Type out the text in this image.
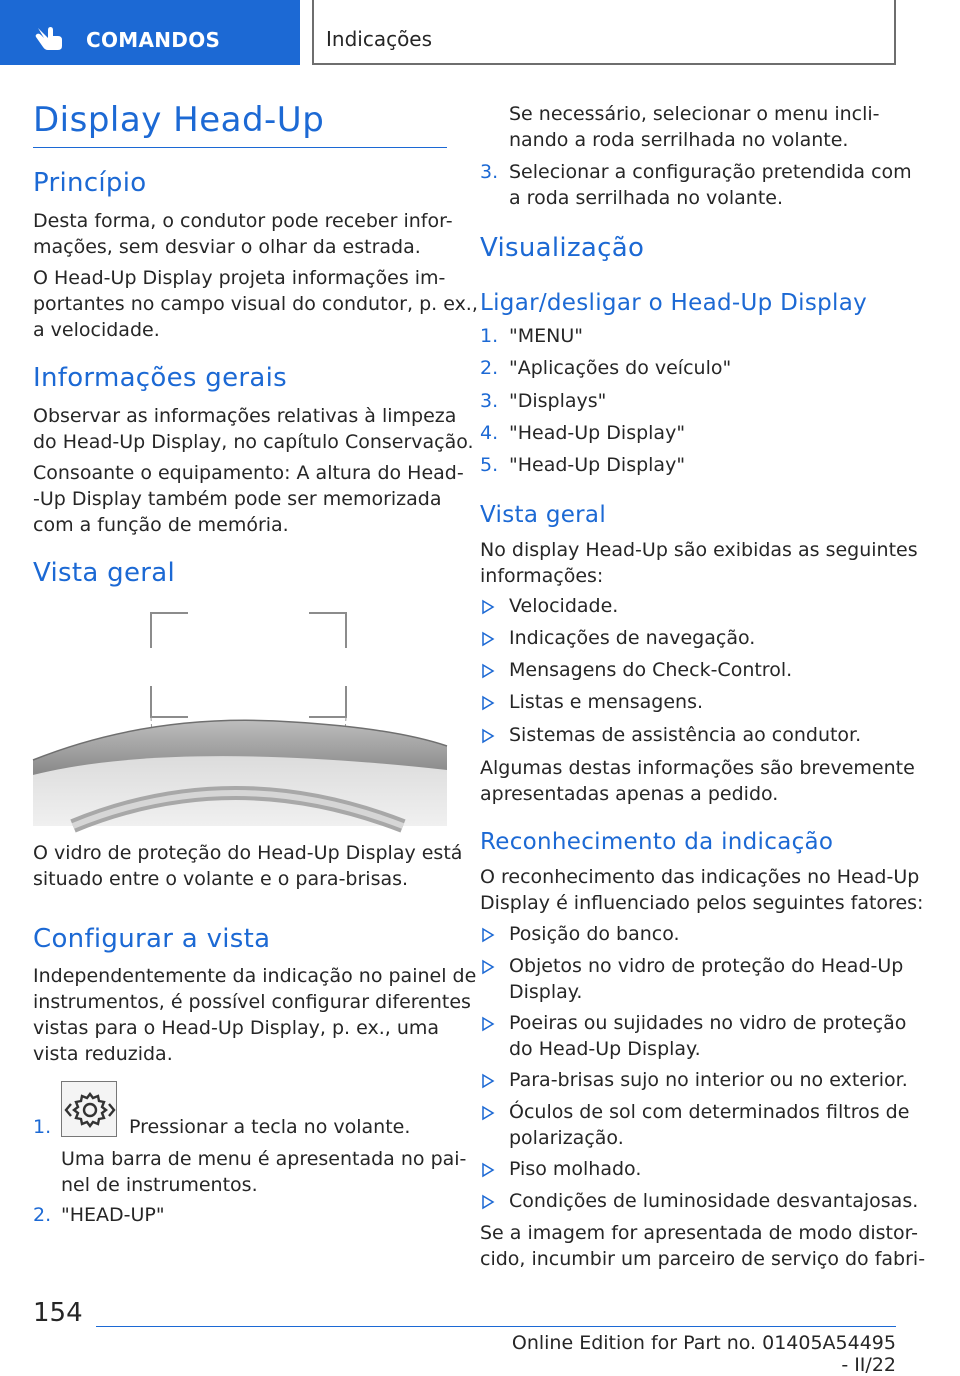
COMANDOS	Indicações
Display Head-Up
Princípio
Desta forma, o condutor pode receber infor-
mações, sem desviar o olhar da estrada.
O Head-Up Display projeta informações im-
portantes no campo visual do condutor, p. ex.,
a velocidade.
Informações gerais
Observar as informações relativas à limpeza
do Head-Up Display, no capítulo Conservação.
Consoante o equipamento: A altura do Head-
-Up Display também pode ser memorizada
com a função de memória.
Vista geral
O vidro de proteção do Head-Up Display está
situado entre o volante e o para-brisas.
Configurar a vista
Independentemente da indicação no painel de
instrumentos, é possível configurar diferentes
vistas para o Head-Up Display, p. ex., uma
vista reduzida.
1.	Pressionar a tecla no volante.
Uma barra de menu é apresentada no pai-
nel de instrumentos.
2. "HEAD-UP"
Se necessário, selecionar o menu incli-
nando a roda serrilhada no volante.
3. Selecionar a configuração pretendida com
a roda serrilhada no volante.
Visualização
Ligar/desligar o Head-Up Display
1. "MENU"
2. "Aplicações do veículo"
3. "Displays"
4. "Head-Up Display"
5. "Head-Up Display"
Vista geral
No display Head-Up são exibidas as seguintes
informações:
Velocidade.
Indicações de navegação.
Mensagens do Check-Control.
Listas e mensagens.
Sistemas de assistência ao condutor.
Algumas destas informações são brevemente
apresentadas apenas a pedido.
Reconhecimento da indicação
O reconhecimento das indicações no Head-Up
Display é influenciado pelos seguintes fatores:
Posição do banco.
Objetos no vidro de proteção do Head-Up
Display.
Poeiras ou sujidades no vidro de proteção
do Head-Up Display.
Para-brisas sujo no interior ou no exterior.
Óculos de sol com determinados filtros de
polarização.
Piso molhado.
Condições de luminosidade desvantajosas.
Se a imagem for apresentada de modo distor-
cido, incumbir um parceiro de serviço do fabri-
154
Online Edition for Part no. 01405A54495 - II/22
